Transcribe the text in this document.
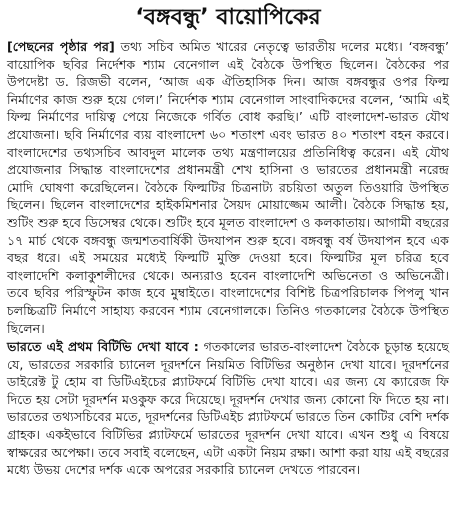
‘বঙ্গবন্ধু’ বায়োপিকের

[পেছনের পৃষ্ঠার পর] তথ্য সচিব অমিত খারের নেতৃত্বে ভারতীয় দলের মধ্যে। ‘বঙ্গবন্ধু’ বায়োপিক ছবির নির্দেশক শ্যাম বেনেগাল এই বৈঠকে উপস্থিত ছিলেন। বৈঠকের পর উপদেষ্টা ড. রিজভী বলেন, ‘আজ এক ঐতিহাসিক দিন। আজ বঙ্গবন্ধুর ওপর ফিল্ম নির্মাণের কাজ শুরু হয়ে গেল।’ নির্দেশক শ্যাম বেনেগাল সাংবাদিকদের বলেন, ‘আমি এই ফিল্ম নির্মাণের দায়িত্ব পেয়ে নিজেকে গর্বিত বোধ করছি।’ এটি বাংলাদেশ-ভারত যৌথ প্রযোজনা। ছবি নির্মাণের ব্যয় বাংলাদেশ ৬০ শতাংশ এবং ভারত ৪০ শতাংশ বহন করবে। বাংলাদেশের তথ্যসচিব আবদুল মালেক তথ্য মন্ত্রণালয়ের প্রতিনিধিত্ব করেন। এই যৌথ প্রযোজনার সিদ্ধান্ত বাংলাদেশের প্রধানমন্ত্রী শেখ হাসিনা ও ভারতের প্রধানমন্ত্রী নরেন্দ্র মোদি ঘোষণা করেছিলেন। বৈঠকে ফিল্মটির চিত্রনাট্য রচয়িতা অতুল তিওয়ারি উপস্থিত ছিলেন। ছিলেন বাংলাদেশের হাইকমিশনার সৈয়দ মোয়াজ্জেম আলী। বৈঠকে সিদ্ধান্ত হয়, শুটিং শুরু হবে ডিসেম্বর থেকে। শুটিং হবে মূলত বাংলাদেশ ও কলকাতায়। আগামী বছরের ১৭ মার্চ থেকে বঙ্গবন্ধু জন্মশতবার্ষিকী উদযাপন শুরু হবে। বঙ্গবন্ধু বর্ষ উদযাপন হবে এক বছর ধরে। এই সময়ের মধ্যেই ফিল্মটি মুক্তি দেওয়া হবে। ফিল্মটির মূল চরিত্র হবে বাংলাদেশি কলাকুশলীদের থেকে। অন্যরাও হবেন বাংলাদেশি অভিনেতা ও অভিনেত্রী। তবে ছবির পরিস্ফুটন কাজ হবে মুম্বাইতে। বাংলাদেশের বিশিষ্ট চিত্রপরিচালক পিপলু খান চলচ্চিত্রটি নির্মাণে সাহায্য করবেন শ্যাম বেনেগালকে। তিনিও গতকালের বৈঠকে উপস্থিত ছিলেন।

ভারতে এই প্রথম বিটিভি দেখা যাবে : গতকালের ভারত-বাংলাদেশ বৈঠকে চূড়ান্ত হয়েছে যে, ভারতের সরকারি চ্যানেল দূরদর্শনে নিয়মিত বিটিভির অনুষ্ঠান দেখা যাবে। দূরদর্শনের ডাইরেক্ট টু হোম বা ডিটিএইচের প্ল্যাটফর্মে বিটিভি দেখা যাবে। এর জন্য যে ক্যারেজ ফি দিতে হয় সেটা দূরদর্শন মওকুফ করে দিয়েছে। দূরদর্শন দেখার জন্য কোনো ফি দিতে হয় না। ভারতের তথ্যসচিবের মতে, দূরদর্শনের ডিটিএইচ প্ল্যাটফর্মে ভারতে তিন কোটির বেশি দর্শক গ্রাহক। একইভাবে বিটিভির প্ল্যাটফর্মে ভারতের দূরদর্শন দেখা যাবে। এখন শুধু এ বিষয়ে স্বাক্ষরের অপেক্ষা। তবে সবাই বলেছেন, এটা একটা নিয়ম রক্ষা। আশা করা যায় এই বছরের মধ্যে উভয় দেশের দর্শক একে অপরের সরকারি চ্যানেল দেখতে পারবেন।
